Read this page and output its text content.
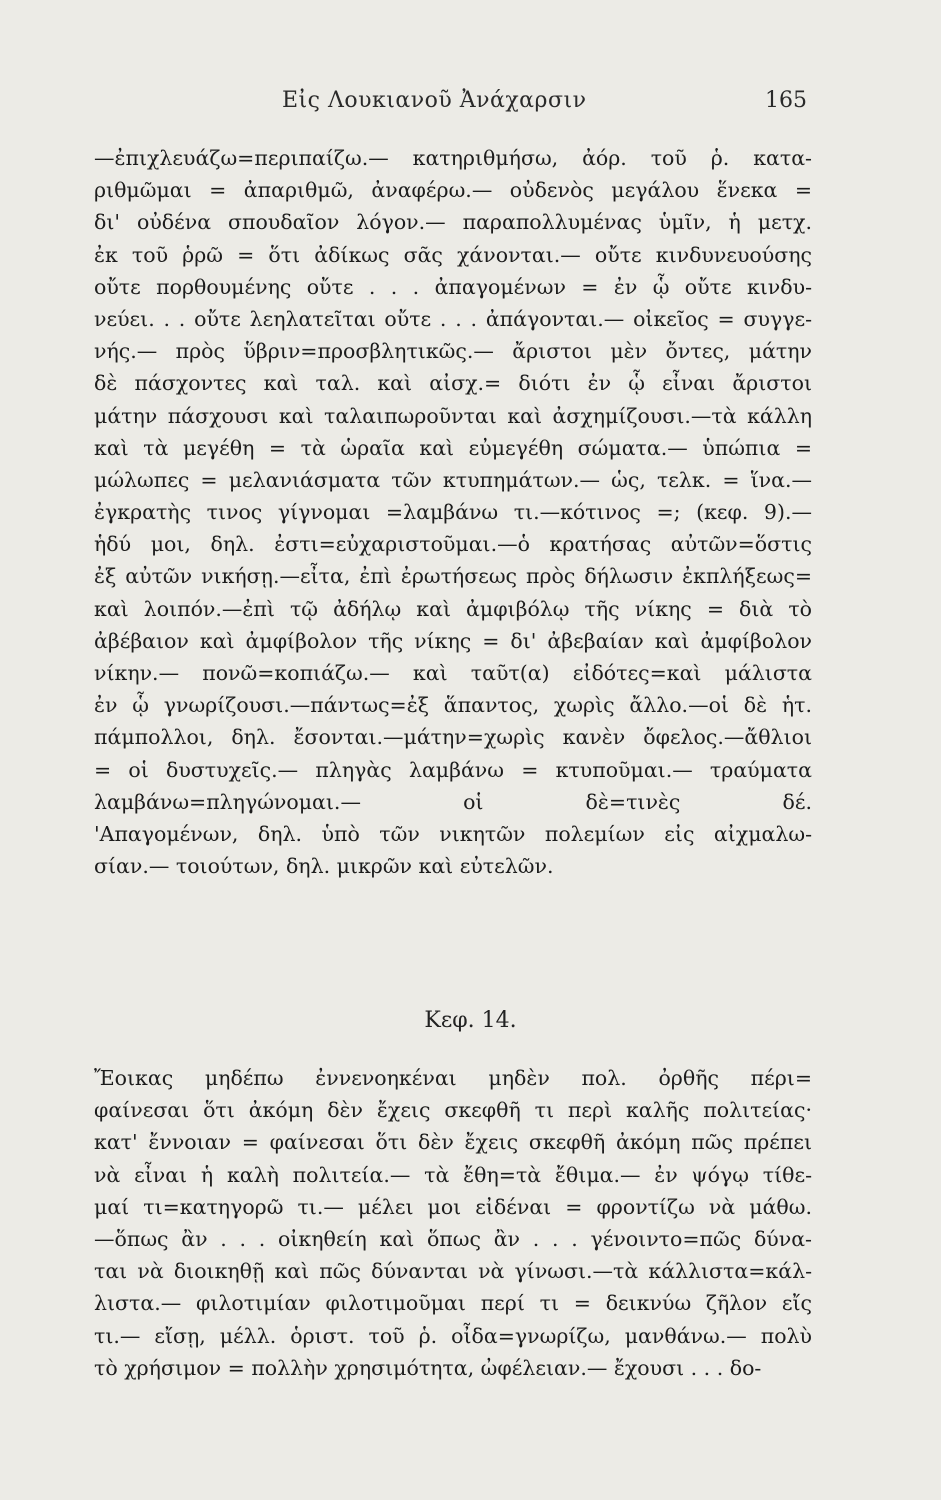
Εἰς Λουκιανοῦ Ἀνάχαρσιν	165
—ἐπιχλευάζω=περιπαίζω.— κατηριθμήσω, ἀόρ. τοῦ ῥ. κατα-
ριθμῶμαι = ἀπαριθμῶ, ἀναφέρω.— οὐδενὸς μεγάλου ἕνεκα =
δι' οὐδένα σπουδαῖον λόγον.— παραπολλυμένας ὑμῖν, ἡ μετχ.
ἐκ τοῦ ῥρῶ = ὅτι ἀδίκως σᾶς χάνονται.— οὔτε κινδυνευούσης
οὔτε πορθουμένης οὔτε . . . ἀπαγομένων = ἐν ᾧ οὔτε κινδυ-
νεύει. . . οὔτε λεηλατεῖται οὔτε . . . ἀπάγονται.— οἰκεῖος = συγγε-
νής.— πρὸς ὕβριν=προσβλητικῶς.— ἄριστοι μὲν ὄντες, μάτην
δὲ πάσχοντες καὶ ταλ. καὶ αἰσχ.= διότι ἐν ᾧ εἶναι ἄριστοι
μάτην πάσχουσι καὶ ταλαιπωροῦνται καὶ ἀσχημίζουσι.—τὰ κάλλη
καὶ τὰ μεγέθη = τὰ ὡραῖα καὶ εὐμεγέθη σώματα.— ὑπώπια =
μώλωπες = μελανιάσματα τῶν κτυπημάτων.— ὡς, τελκ. = ἵνα.—
ἐγκρατὴς τινος γίγνομαι =λαμβάνω τι.—κότινος =; (κεφ. 9).—
ἡδύ μοι, δηλ. ἐστι=εὐχαριστοῦμαι.—ὁ κρατήσας αὐτῶν=ὅστις
ἐξ αὐτῶν νικήσῃ.—εἶτα, ἐπὶ ἐρωτήσεως πρὸς δήλωσιν ἐκπλήξεως=
καὶ λοιπόν.—ἐπὶ τῷ ἀδήλῳ καὶ ἀμφιβόλῳ τῆς νίκης = διὰ τὸ
ἀβέβαιον καὶ ἀμφίβολον τῆς νίκης = δι' ἀβεβαίαν καὶ ἀμφίβολον
νίκην.— πονῶ=κοπιάζω.— καὶ ταῦτ(α) εἰδότες=καὶ μάλιστα
ἐν ᾧ γνωρίζουσι.—πάντως=ἐξ ἅπαντος, χωρὶς ἄλλο.—οἱ δὲ ἡτ.
πάμπολλοι, δηλ. ἔσονται.—μάτην=χωρὶς κανὲν ὄφελος.—ἄθλιοι
= οἱ δυστυχεῖς.— πληγὰς λαμβάνω = κτυποῦμαι.— τραύματα
λαμβάνω=πληγώνομαι.— οἱ δὲ=τινὲς δέ.
'Απαγομένων, δηλ. ὑπὸ τῶν νικητῶν πολεμίων εἰς αἰχμαλω-
σίαν.— τοιούτων, δηλ. μικρῶν καὶ εὐτελῶν.
Κεφ. 14.
Ἔοικας μηδέπω ἐννενοηκέναι μηδὲν πολ. ὀρθῆς πέρι=
φαίνεσαι ὅτι ἀκόμη δὲν ἔχεις σκεφθῆ τι περὶ καλῆς πολιτείας·
κατ' ἔννοιαν = φαίνεσαι ὅτι δὲν ἔχεις σκεφθῆ ἀκόμη πῶς πρέπει
νὰ εἶναι ἡ καλὴ πολιτεία.— τὰ ἔθη=τὰ ἔθιμα.— ἐν ψόγῳ τίθε-
μαί τι=κατηγορῶ τι.— μέλει μοι εἰδέναι = φροντίζω νὰ μάθω.
—ὅπως ἂν . . . οἰκηθείη καὶ ὅπως ἂν . . . γένοιντο=πῶς δύνα-
ται νὰ διοικηθῇ καὶ πῶς δύνανται νὰ γίνωσι.—τὰ κάλλιστα=κάλ-
λιστα.— φιλοτιμίαν φιλοτιμοῦμαι περί τι = δεικνύω ζῆλον εἴς
τι.— εἴσῃ, μέλλ. ὁριστ. τοῦ ῥ. οἶδα=γνωρίζω, μανθάνω.— πολὺ
τὸ χρήσιμον = πολλὴν χρησιμότητα, ὠφέλειαν.— ἔχουσι . . . δο-
